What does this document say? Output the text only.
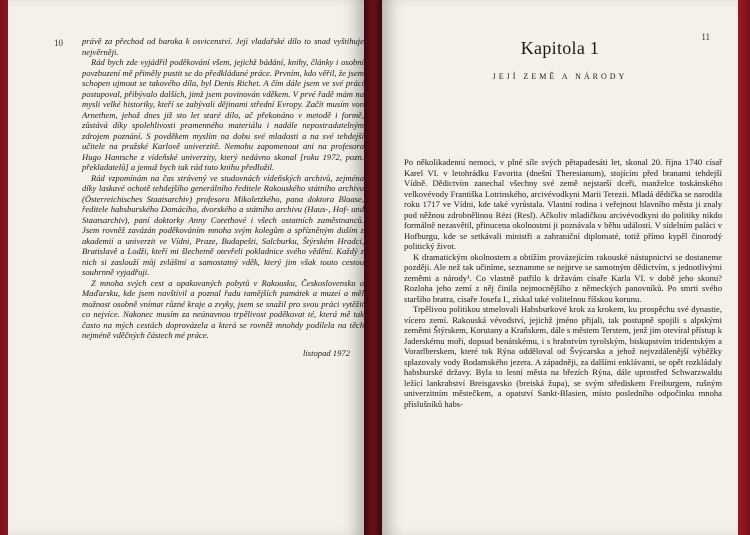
10 právě za přechod od baroka k osvicenství. Její vladařské dílo to snad vyštihuje nejvěrněji.

Rád bych zde vyjádřil poděkování všem, jejichž bádání, knihy, články i osobní povzbuzení mě přiměly pustit se do předkládané práce. Prvním, kdo věřil, že jsem schopen ujmout se takového díla, byl Denis Richet. A čím dále jsem ve své práci postupoval, přibývalo dalších, jimž jsem povinován vděkem. V prvé řadě mám na mysli velké historiky, kteří se zabývali dějinami střední Evropy. Začít musím von Arnethem, jehož dnes již sto let staré dílo, ač překonáno v metodě i formě, zůstává díky spolehlivosti pramenného materiálu i nadále nepostradatelným zdrojem poznání. S povděkem myslím na dobu své mladosti a na své tehdejší učitele na pražské Karlově univerzitě. Nemohu zapomenout ani na profesora Hugo Hantsche z vídeňské univerzity, který nedávno skonal [roku 1972, pozn. překladatelů] a jemuž bych tak rád tuto knihu předložil.

Rád vzpomínám na čas strávený ve studovnách vídeňských archivů, zejména díky laskavé ochotě tehdejšího generálního ředitele Rakouského státního archivu (Österreichisches Staatsarchiv) profesora Mikoletzkého, pana doktora Blaase, ředitele habsburského Domácího, dvorského a státního archivu (Haus-, Hof- und Staatsarchiv), paní doktorky Anny Corethové i všech ostatních zaměstnanců. Jsem rovněž zavázán poděkováním mnoha svým kolegům a spřízněným duším z akademií a univerzit ve Vídni, Praze, Budapešti, Salcburku, Štýrském Hradci, Bratislavě a Lodži, kteří mi šlechetně otevřeli pokladnice svého vědění. Každý z nich si zaslouží můj zvláštní a samostatný vděk, který jim však touto cestou souhrnně vyjadřuji.

Z mnoha svých cest a opakovaných pobytů v Rakousku, Československu a Maďarsku, kde jsem navštívil a poznal řadu tamějších památek a muzeí a měl možnost osobně vnímat různé kraje a zvyky, jsem se snažil pro svou práci vytěžit co nejvíce. Nakonec musím za neúnavnou trpělivost poděkovat té, která mě tak často na mých cestách doprovázela a která se rovněž mnohdy podílela na těch nejméně vděčných částech mé práce.

listopad 1972

11
Kapitola 1
JEJÍ ZEMĚ A NÁRODY

Po několikadenní nemoci, v plné síle svých pětapadesáti let, skonal 20. října 1740 císař Karel VI. v letohrádku Favorita (dnešní Theresianum), stojícím před branami tehdejší Vídně. Dědictvím zanechal všechny své země nejstarší dceři, manželce toskánského velkovévody Františka Lotrinského, arcivévodkyni Marii Terezii. Mladá dědička se narodila roku 1717 ve Vídni, kde také vyrůstala. Vlastní rodina i veřejnost hlavního města ji znaly pod něžnou zdrobnělinou Rézi (Resl). Ačkoliv mladičkou arcivévodkyni do politiky nikdo formálně nezasvětil, přinucena okolnostmi ji poznávala v běhu událostí. V sídelním paláci v Hofburgu, kde se setkávali ministři a zahraniční diplomaté, totiž přímo kypěl činorodý politický život.

K dramatickým okolnostem a obtížím provázejícím rakouské nástupnictví se dostaneme později. Ale než tak učiníme, seznamme se nejprve se samotným dědictvím, s jednotlivými zeměmi a národy¹. Co vlastně patřilo k državám císaře Karla VI. v době jeho skonu? Rozloha jeho zemí z něj činila nejmocnějšího z německých panovníků. Po smrti svého staršího bratra, císaře Josefa I., získal také volitelnou říšskou korunu.

Trpělivou politikou stmelovali Habsburkové krok za krokem, ku prospěchu své dynastie, vícero zemí. Rakouská vévodství, jejichž jméno přijali, tak postupně spojili s alpskými zeměmi Štýrskem, Korutany a Kraňskem, dále s městem Terstem, jenž jim otevíral přístup k Jaderskému moři, dopsud benátskému, i s hrabstvím tyrolským, biskupstvím tridentským a Vorarlberskem, které tok Rýna odděloval od Švýcarska a jehož nejvzdálenější výběžky splazovaly vody Bodamského jezera. A západněji, za dalšími enklávami, se opět rozkládaly habsburské državy. Byla to lesní města na březích Rýna, dále uprostřed Schwarzwaldu ležící lankrabství Breisgavsko (breiská župa), se svým střediskem Freiburgem, rušným univerzitním městečkem, a opatství Sankt-Blasien, místo posledního odpočinku mnoha příslušníků habs-
